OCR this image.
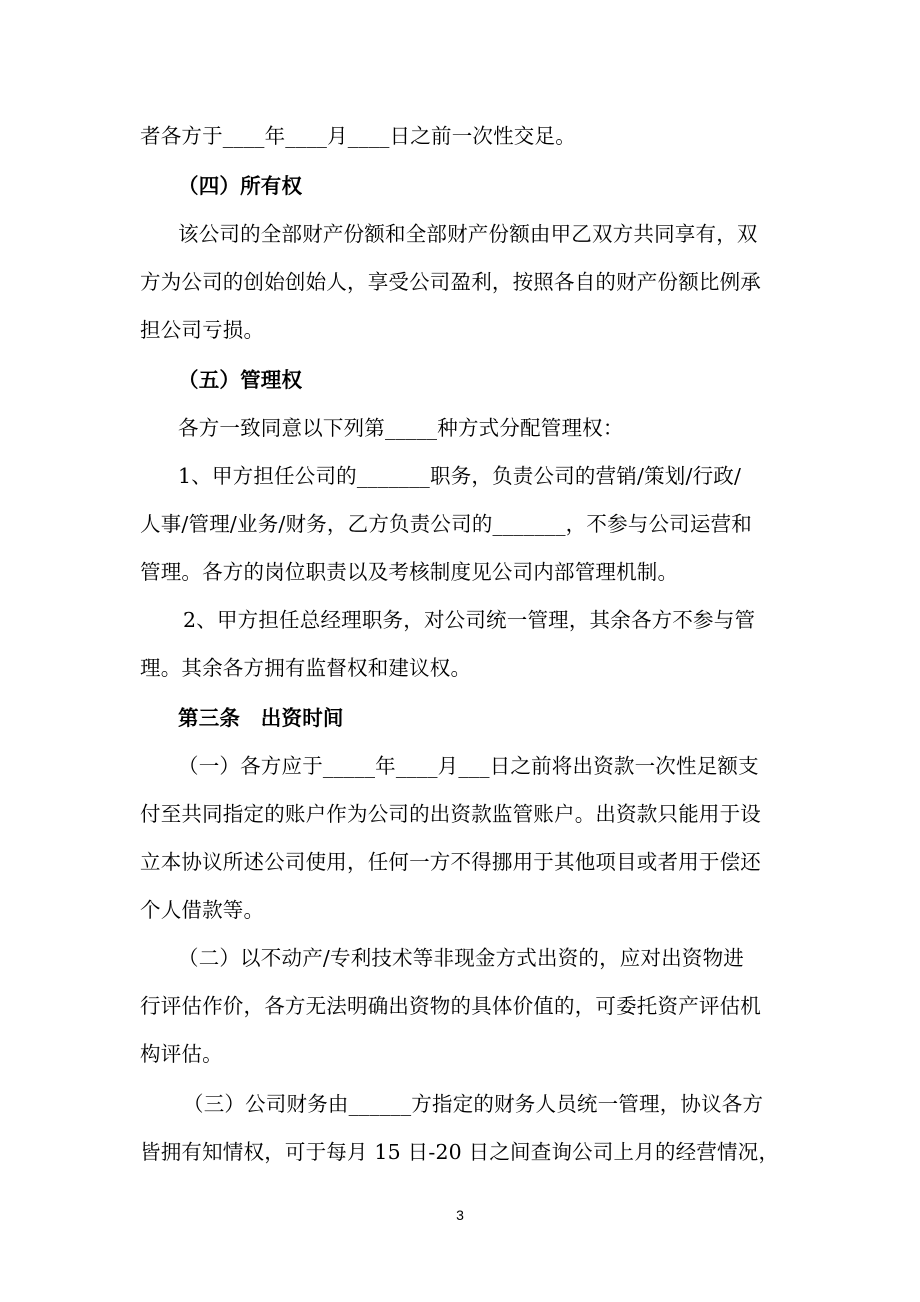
者各方于____年____月____日之前一次性交足。
（四）所有权
该公司的全部财产份额和全部财产份额由甲乙双方共同享有，双
方为公司的创始创始人，享受公司盈利，按照各自的财产份额比例承
担公司亏损。
（五）管理权
各方一致同意以下列第_____种方式分配管理权：
1、甲方担任公司的_______职务，负责公司的营销/策划/行政/
人事/管理/业务/财务，乙方负责公司的_______，不参与公司运营和
管理。各方的岗位职责以及考核制度见公司内部管理机制。
2、甲方担任总经理职务，对公司统一管理，其余各方不参与管
理。其余各方拥有监督权和建议权。
第三条　出资时间
（一）各方应于_____年____月___日之前将出资款一次性足额支
付至共同指定的账户作为公司的出资款监管账户。出资款只能用于设
立本协议所述公司使用，任何一方不得挪用于其他项目或者用于偿还
个人借款等。
（二）以不动产/专利技术等非现金方式出资的，应对出资物进
行评估作价，各方无法明确出资物的具体价值的，可委托资产评估机
构评估。
（三）公司财务由______方指定的财务人员统一管理，协议各方
皆拥有知情权，可于每月 15 日-20 日之间查询公司上月的经营情况，
3
